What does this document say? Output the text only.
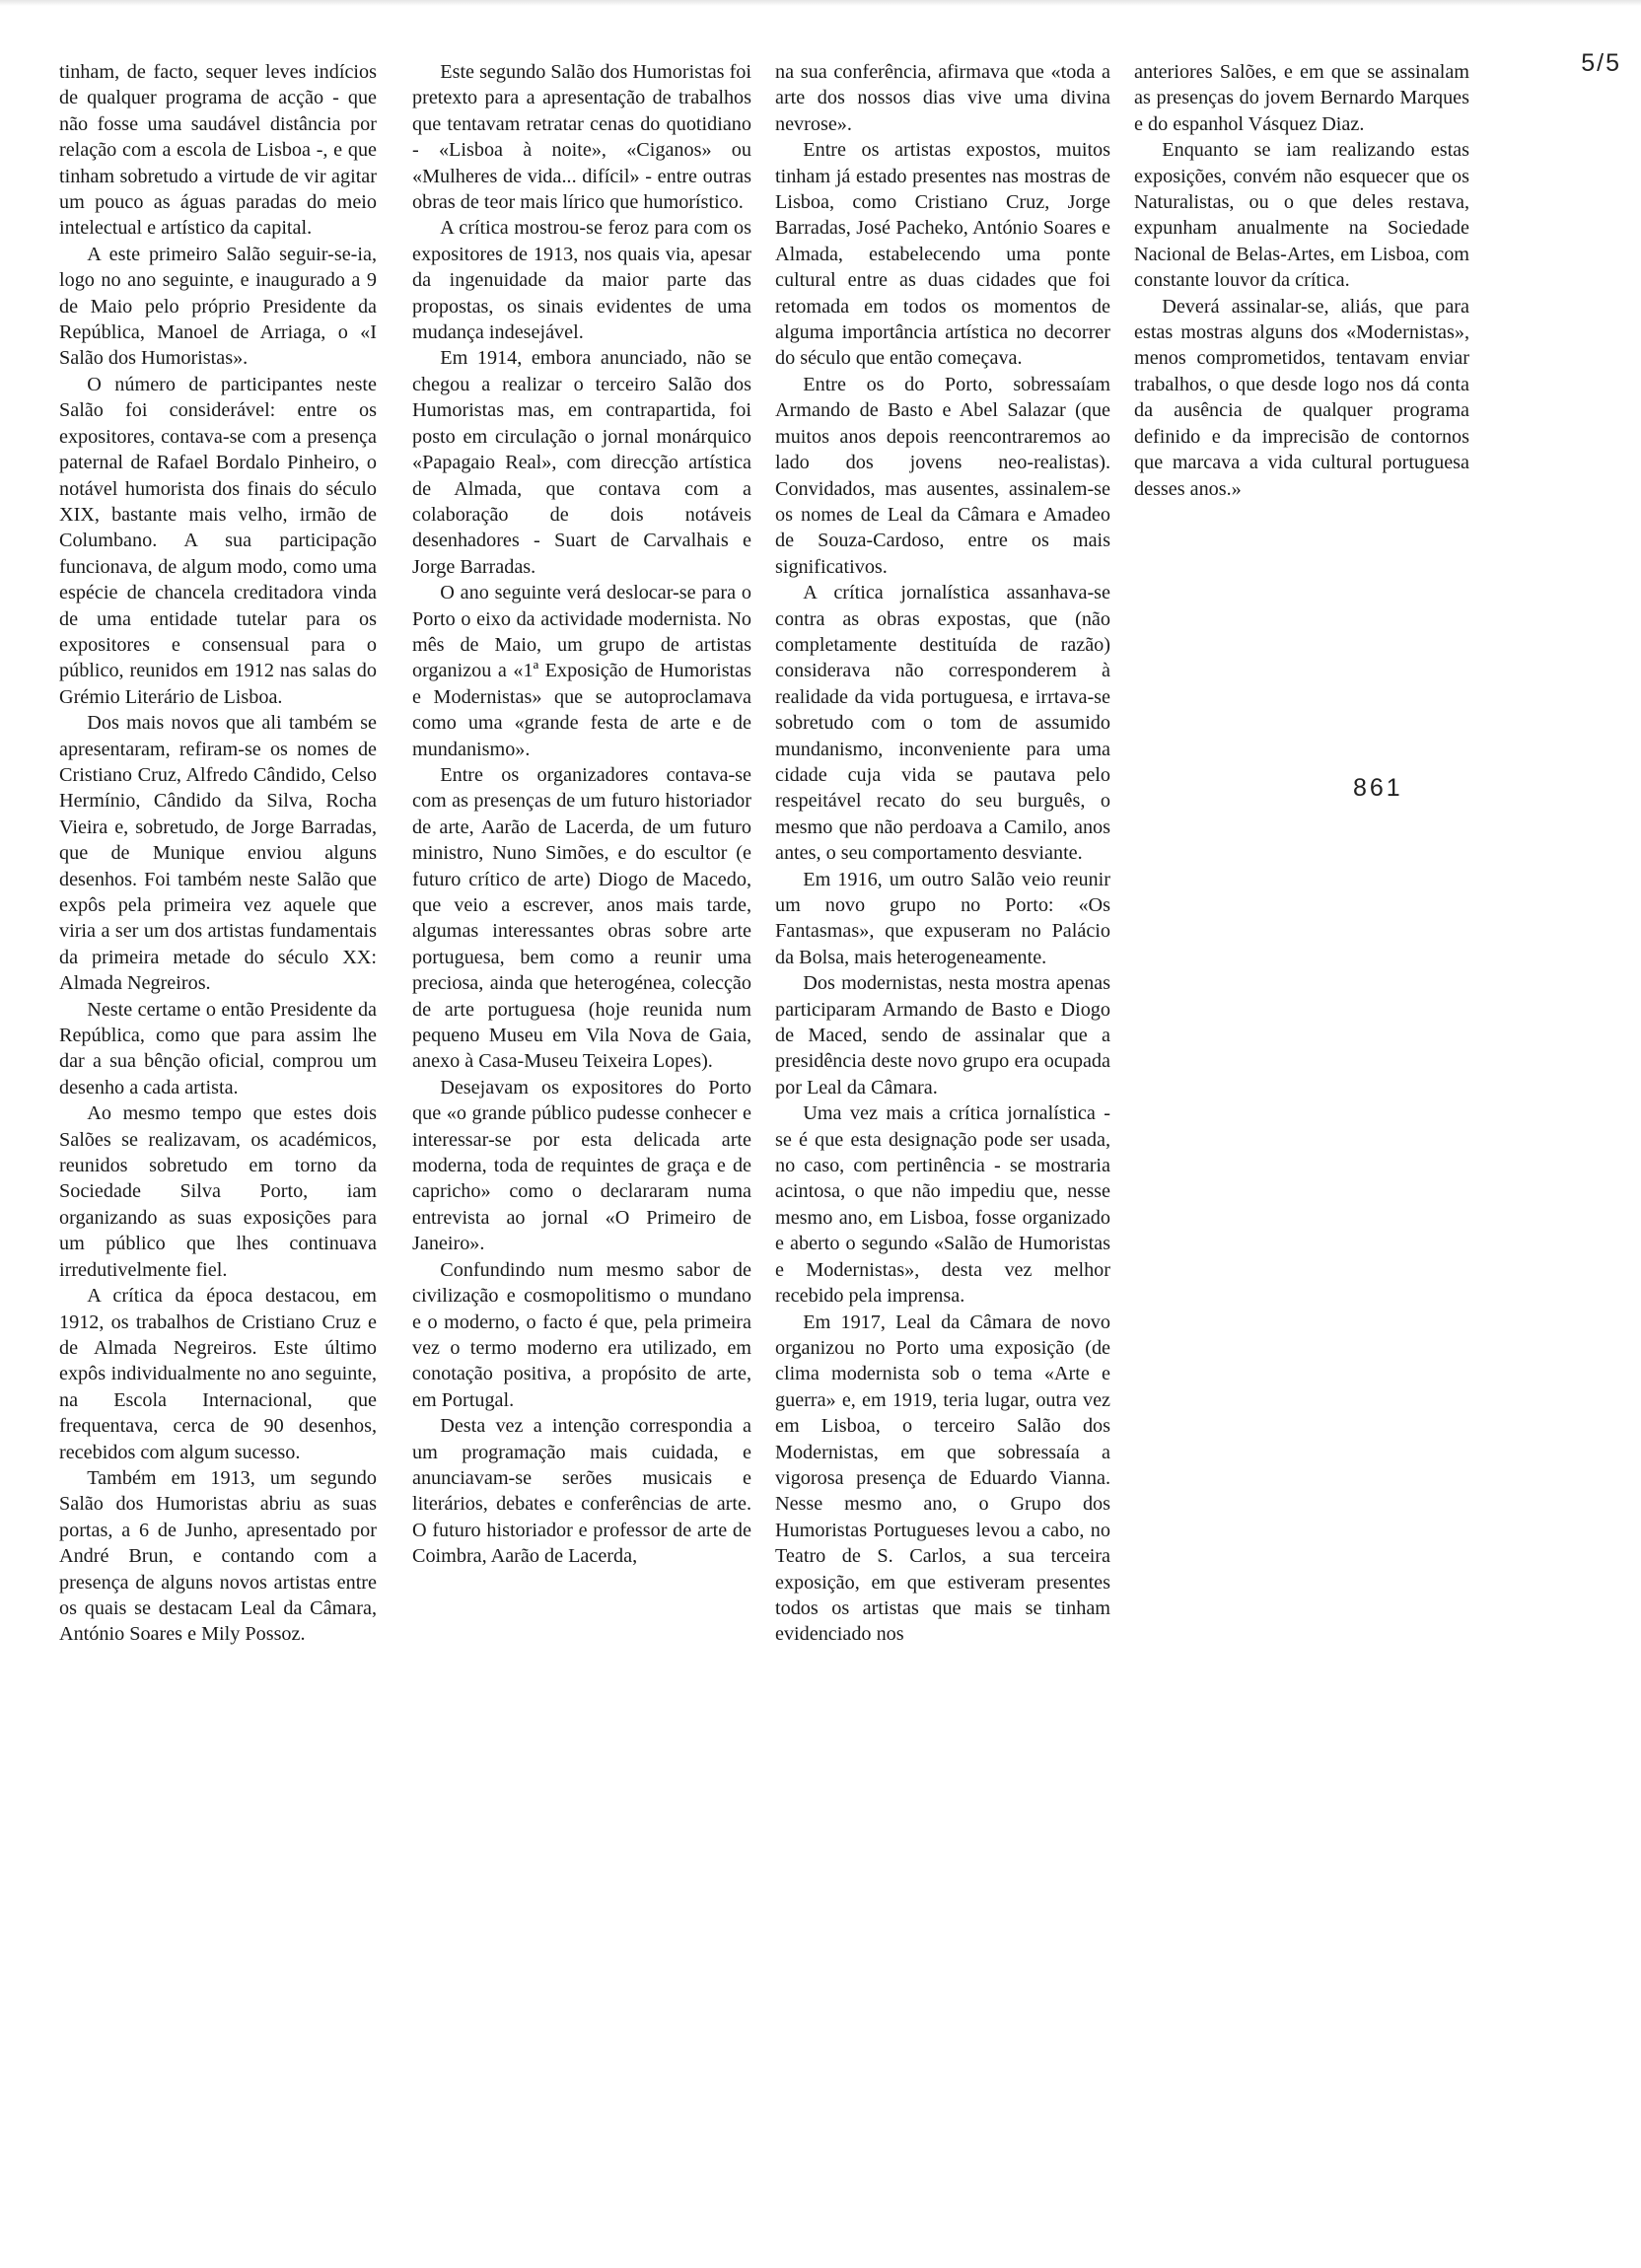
5/5

tinham, de facto, sequer leves indícios de qualquer programa de acção - que não fosse uma saudável distância por relação com a escola de Lisboa -, e que tinham sobretudo a virtude de vir agitar um pouco as águas paradas do meio intelectual e artístico da capital.

A este primeiro Salão seguir-se-ia, logo no ano seguinte, e inaugurado a 9 de Maio pelo próprio Presidente da República, Manoel de Arriaga, o «I Salão dos Humoristas».

O número de participantes neste Salão foi considerável: entre os expositores, contava-se com a presença paternal de Rafael Bordalo Pinheiro, o notável humorista dos finais do século XIX, bastante mais velho, irmão de Columbano. A sua participação funcionava, de algum modo, como uma espécie de chancela creditadora vinda de uma entidade tutelar para os expositores e consensual para o público, reunidos em 1912 nas salas do Grémio Literário de Lisboa.

Dos mais novos que ali também se apresentaram, refiram-se os nomes de Cristiano Cruz, Alfredo Cândido, Celso Hermínio, Cândido da Silva, Rocha Vieira e, sobretudo, de Jorge Barradas, que de Munique enviou alguns desenhos. Foi também neste Salão que expôs pela primeira vez aquele que viria a ser um dos artistas fundamentais da primeira metade do século XX: Almada Negreiros.

Neste certame o então Presidente da República, como que para assim lhe dar a sua bênção oficial, comprou um desenho a cada artista.

Ao mesmo tempo que estes dois Salões se realizavam, os académicos, reunidos sobretudo em torno da Sociedade Silva Porto, iam organizando as suas exposições para um público que lhes continuava irredutivelmente fiel.

A crítica da época destacou, em 1912, os trabalhos de Cristiano Cruz e de Almada Negreiros. Este último expôs individualmente no ano seguinte, na Escola Internacional, que frequentava, cerca de 90 desenhos, recebidos com algum sucesso.

Também em 1913, um segundo Salão dos Humoristas abriu as suas portas, a 6 de Junho, apresentado por André Brun, e contando com a presença de alguns novos artistas entre os quais se destacam Leal da Câmara, António Soares e Mily Possoz.

Este segundo Salão dos Humoristas foi pretexto para a apresentação de trabalhos que tentavam retratar cenas do quotidiano - «Lisboa à noite», «Ciganos» ou «Mulheres de vida... difícil» - entre outras obras de teor mais lírico que humorístico.

A crítica mostrou-se feroz para com os expositores de 1913, nos quais via, apesar da ingenuidade da maior parte das propostas, os sinais evidentes de uma mudança indesejável.

Em 1914, embora anunciado, não se chegou a realizar o terceiro Salão dos Humoristas mas, em contrapartida, foi posto em circulação o jornal monárquico «Papagaio Real», com direcção artística de Almada, que contava com a colaboração de dois notáveis desenhadores - Suart de Carvalhais e Jorge Barradas.

O ano seguinte verá deslocar-se para o Porto o eixo da actividade modernista. No mês de Maio, um grupo de artistas organizou a «1ª Exposição de Humoristas e Modernistas» que se autoproclamava como uma «grande festa de arte e de mundanismo».

Entre os organizadores contava-se com as presenças de um futuro historiador de arte, Aarão de Lacerda, de um futuro ministro, Nuno Simões, e do escultor (e futuro crítico de arte) Diogo de Macedo, que veio a escrever, anos mais tarde, algumas interessantes obras sobre arte portuguesa, bem como a reunir uma preciosa, ainda que heterogénea, colecção de arte portuguesa (hoje reunida num pequeno Museu em Vila Nova de Gaia, anexo à Casa-Museu Teixeira Lopes).

Desejavam os expositores do Porto que «o grande público pudesse conhecer e interessar-se por esta delicada arte moderna, toda de requintes de graça e de capricho» como o declararam numa entrevista ao jornal «O Primeiro de Janeiro».

Confundindo num mesmo sabor de civilização e cosmopolitismo o mundano e o moderno, o facto é que, pela primeira vez o termo moderno era utilizado, em conotação positiva, a propósito de arte, em Portugal.

Desta vez a intenção correspondia a um programação mais cuidada, e anunciavam-se serões musicais e literários, debates e conferências de arte. O futuro historiador e professor de arte de Coimbra, Aarão de Lacerda,

na sua conferência, afirmava que «toda a arte dos nossos dias vive uma divina nevrose».

Entre os artistas expostos, muitos tinham já estado presentes nas mostras de Lisboa, como Cristiano Cruz, Jorge Barradas, José Pacheko, António Soares e Almada, estabelecendo uma ponte cultural entre as duas cidades que foi retomada em todos os momentos de alguma importância artística no decorrer do século que então começava.

Entre os do Porto, sobressaíam Armando de Basto e Abel Salazar (que muitos anos depois reencontraremos ao lado dos jovens neo-realistas). Convidados, mas ausentes, assinalem-se os nomes de Leal da Câmara e Amadeo de Souza-Cardoso, entre os mais significativos.

A crítica jornalística assanhava-se contra as obras expostas, que (não completamente destituída de razão) considerava não corresponderem à realidade da vida portuguesa, e irrtava-se sobretudo com o tom de assumido mundanismo, inconveniente para uma cidade cuja vida se pautava pelo respeitável recato do seu burguês, o mesmo que não perdoava a Camilo, anos antes, o seu comportamento desviante.

Em 1916, um outro Salão veio reunir um novo grupo no Porto: «Os Fantasmas», que expuseram no Palácio da Bolsa, mais heterogeneamente.

Dos modernistas, nesta mostra apenas participaram Armando de Basto e Diogo de Maced, sendo de assinalar que a presidência deste novo grupo era ocupada por Leal da Câmara.

Uma vez mais a crítica jornalística - se é que esta designação pode ser usada, no caso, com pertinência - se mostraria acintosa, o que não impediu que, nesse mesmo ano, em Lisboa, fosse organizado e aberto o segundo «Salão de Humoristas e Modernistas», desta vez melhor recebido pela imprensa.

Em 1917, Leal da Câmara de novo organizou no Porto uma exposição (de clima modernista sob o tema «Arte e guerra» e, em 1919, teria lugar, outra vez em Lisboa, o terceiro Salão dos Modernistas, em que sobressaía a vigorosa presença de Eduardo Vianna. Nesse mesmo ano, o Grupo dos Humoristas Portugueses levou a cabo, no Teatro de S. Carlos, a sua terceira exposição, em que estiveram presentes todos os artistas que mais se tinham evidenciado nos

anteriores Salões, e em que se assinalam as presenças do jovem Bernardo Marques e do espanhol Vásquez Diaz.

Enquanto se iam realizando estas exposições, convém não esquecer que os Naturalistas, ou o que deles restava, expunham anualmente na Sociedade Nacional de Belas-Artes, em Lisboa, com constante louvor da crítica.

Deverá assinalar-se, aliás, que para estas mostras alguns dos «Modernistas», menos comprometidos, tentavam enviar trabalhos, o que desde logo nos dá conta da ausência de qualquer programa definido e da imprecisão de contornos que marcava a vida cultural portuguesa desses anos.»

861
